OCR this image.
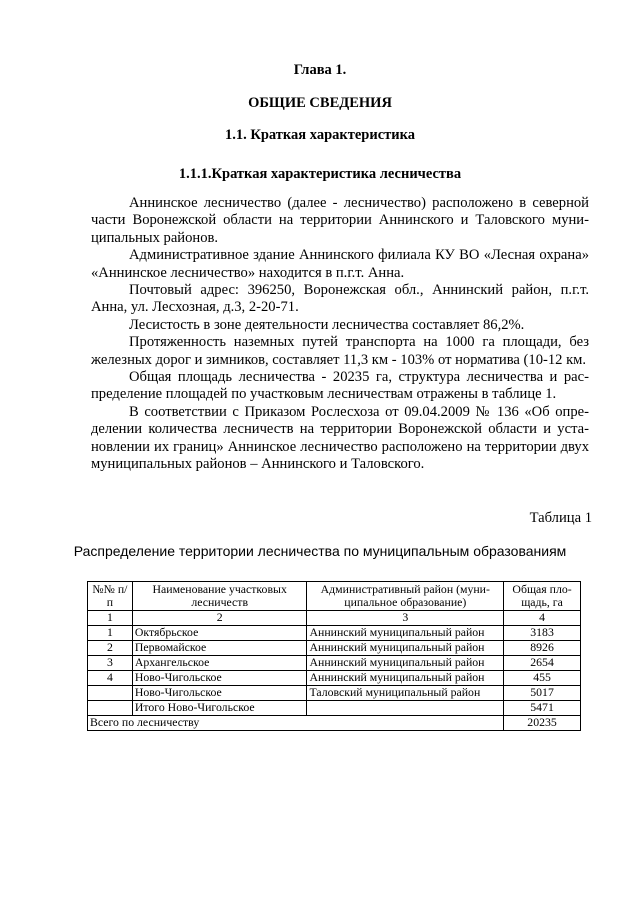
Глава 1.
ОБЩИЕ СВЕДЕНИЯ
1.1. Краткая характеристика
1.1.1.Краткая характеристика лесничества

Аннинское лесничество (далее - лесничество) расположено в северной части Воронежской области на территории Аннинского и Таловского муниципальных районов.

Административное здание Аннинского филиала КУ ВО «Лесная охрана» «Аннинское лесничество» находится в п.г.т. Анна.

Почтовый адрес: 396250, Воронежская обл., Аннинский район, п.г.т. Анна, ул. Лесхозная, д.3, 2-20-71.

Лесистость в зоне деятельности лесничества составляет 86,2%.

Протяженность наземных путей транспорта на 1000 га площади, без железных дорог и зимников, составляет 11,3 км - 103% от норматива (10-12 км.

Общая площадь лесничества - 20235 га, структура лесничества и распределение площадей по участковым лесничествам отражены в таблице 1.

В соответствии с Приказом Рослесхоза от 09.04.2009 № 136 «Об определении количества лесничеств на территории Воронежской области и установлении их границ» Аннинское лесничество расположено на территории двух муниципальных районов – Аннинского и Таловского.

Таблица 1
Распределение территории лесничества по муниципальным образованиям
№№ п/п	Наименование участковых лесничеств	Административный район (муниципальное образование)	Общая площадь, га
1	2	3	4
1	Октябрьское	Аннинский муниципальный район	3183
2	Первомайское	Аннинский муниципальный район	8926
3	Архангельское	Аннинский муниципальный район	2654
4	Ново-Чигольское	Аннинский муниципальный район	455
	Ново-Чигольское	Таловский муниципальный район	5017
	Итого Ново-Чигольское		5471
Всего по лесничеству			20235
